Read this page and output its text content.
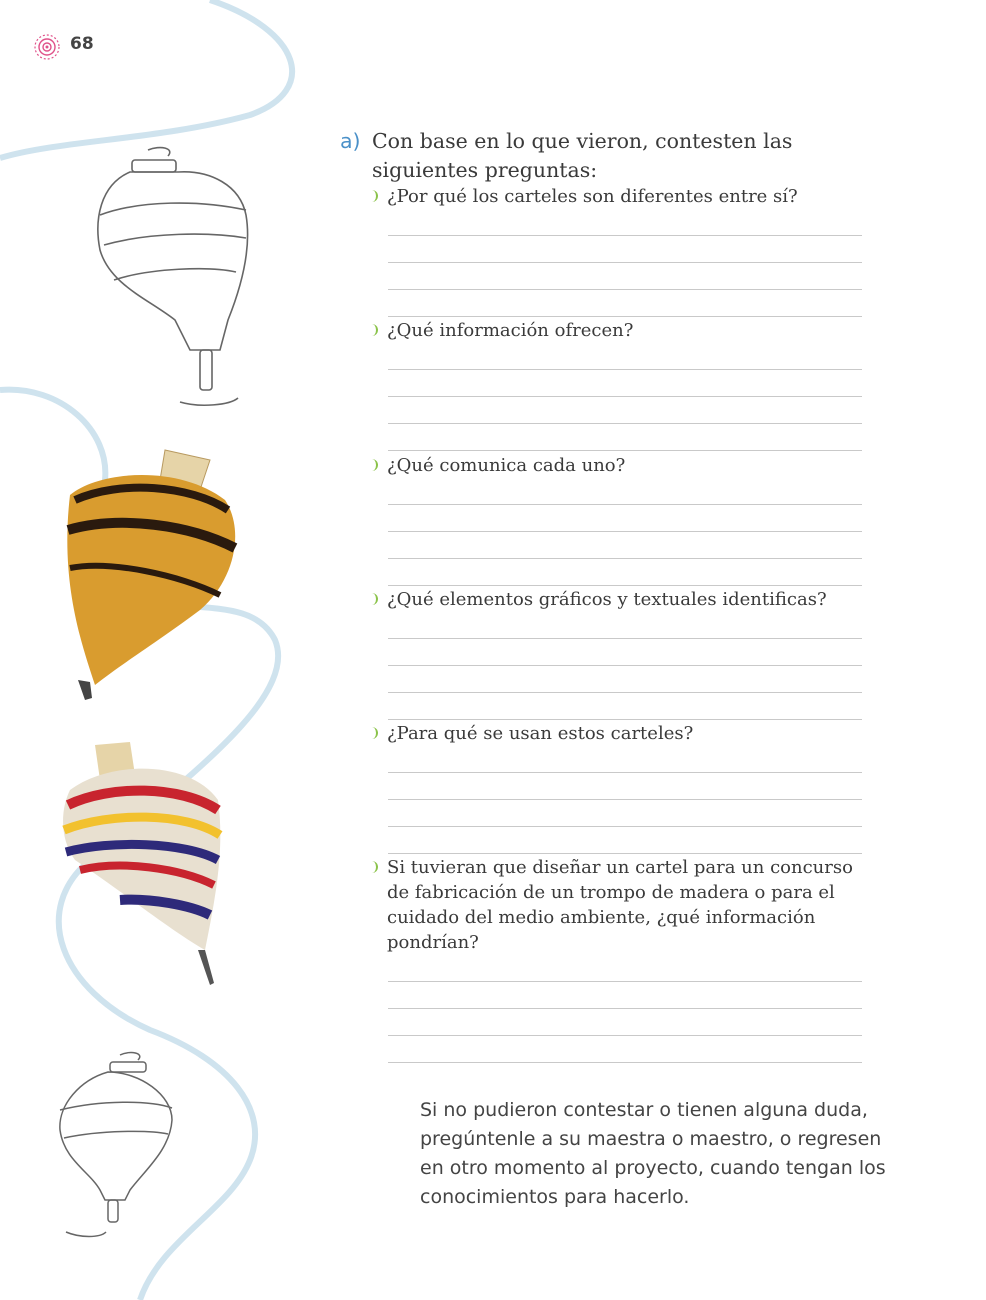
68
a) Con base en lo que vieron, contesten las siguientes preguntas:
¿Por qué los carteles son diferentes entre sí?
¿Qué información ofrecen?
¿Qué comunica cada uno?
¿Qué elementos gráficos y textuales identificas?
¿Para qué se usan estos carteles?
Si tuvieran que diseñar un cartel para un concurso de fabricación de un trompo de madera o para el cuidado del medio ambiente, ¿qué información pondrían?
Si no pudieron contestar o tienen alguna duda, pregúntenle a su maestra o maestro, o regresen en otro momento al proyecto, cuando tengan los conocimientos para hacerlo.
